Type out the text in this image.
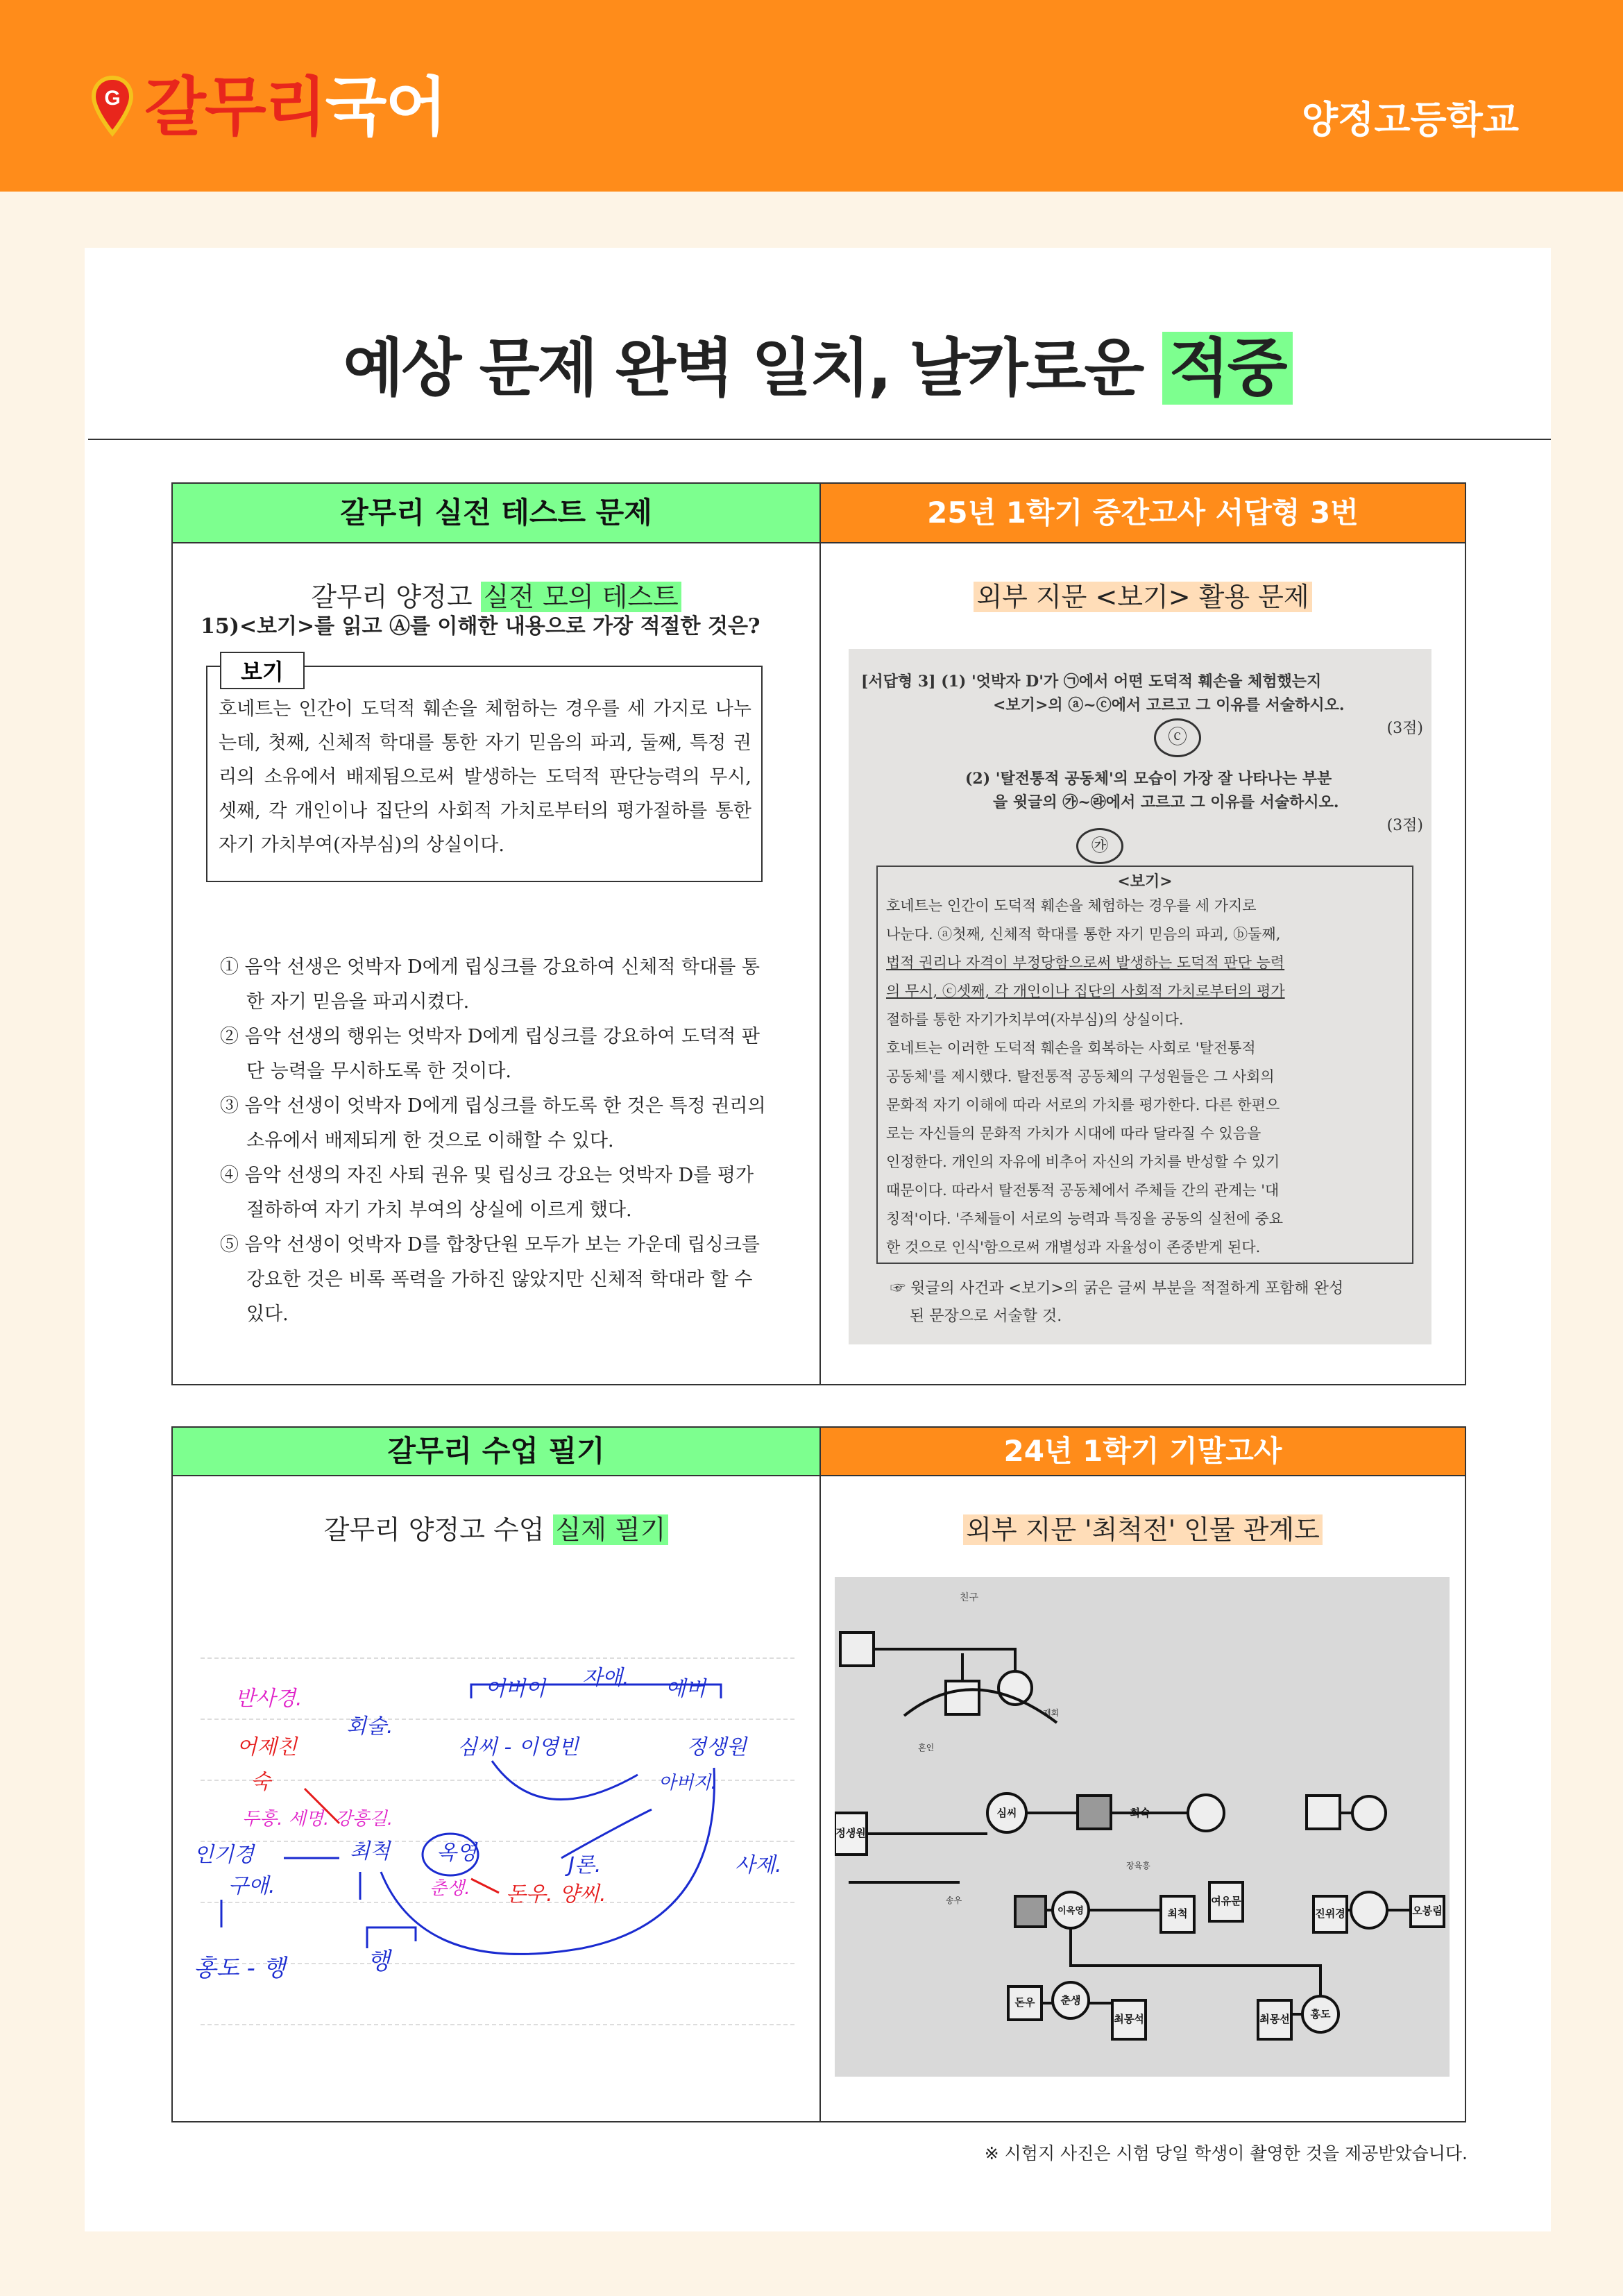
G 갈무리 국어	양정고등학교
예상 문제 완벽 일치, 날카로운 적중
갈무리 실전 테스트 문제
갈무리 양정고 실전 모의 테스트
15)<보기>를 읽고 Ⓐ를 이해한 내용으로 가장 적절한 것은?
보기
호네트는 인간이 도덕적 훼손을 체험하는 경우를 세 가지로 나누는데, 첫째, 신체적 학대를 통한 자기 믿음의 파괴, 둘째, 특정 권리의 소유에서 배제됨으로써 발생하는 도덕적 판단능력의 무시, 셋째, 각 개인이나 집단의 사회적 가치로부터의 평가절하를 통한 자기 가치부여(자부심)의 상실이다.
① 음악 선생은 엇박자 D에게 립싱크를 강요하여 신체적 학대를 통한 자기 믿음을 파괴시켰다.
② 음악 선생의 행위는 엇박자 D에게 립싱크를 강요하여 도덕적 판단 능력을 무시하도록 한 것이다.
③ 음악 선생이 엇박자 D에게 립싱크를 하도록 한 것은 특정 권리의 소유에서 배제되게 한 것으로 이해할 수 있다.
④ 음악 선생의 자진 사퇴 권유 및 립싱크 강요는 엇박자 D를 평가 절하하여 자기 가치 부여의 상실에 이르게 했다.
⑤ 음악 선생이 엇박자 D를 합창단원 모두가 보는 가운데 립싱크를 강요한 것은 비록 폭력을 가하진 않았지만 신체적 학대라 할 수 있다.
25년 1학기 중간고사 서답형 3번
외부 지문 <보기> 활용 문제
[서답형 3] (1) '엇박자 D'가 ㉠에서 어떤 도덕적 훼손을 체험했는지
<보기>의 ⓐ~ⓒ에서 고르고 그 이유를 서술하시오.
(3점)
(2) '탈전통적 공동체'의 모습이 가장 잘 나타나는 부분
을 윗글의 ㉮~㉱에서 고르고 그 이유를 서술하시오.
(3점)
ⓒ
㉮
<보기>
호네트는 인간이 도덕적 훼손을 체험하는 경우를 세 가지로
나눈다. ⓐ첫째, 신체적 학대를 통한 자기 믿음의 파괴, ⓑ둘째,
법적 권리나 자격이 부정당함으로써 발생하는 도덕적 판단 능력
의 무시, ⓒ셋째, 각 개인이나 집단의 사회적 가치로부터의 평가
절하를 통한 자기가치부여(자부심)의 상실이다.
호네트는 이러한 도덕적 훼손을 회복하는 사회로 '탈전통적
공동체'를 제시했다. 탈전통적 공동체의 구성원들은 그 사회의
문화적 자기 이해에 따라 서로의 가치를 평가한다. 다른 한편으
로는 자신들의 문화적 가치가 시대에 따라 달라질 수 있음을
인정한다. 개인의 자유에 비추어 자신의 가치를 반성할 수 있기
때문이다. 따라서 탈전통적 공동체에서 주체들 간의 관계는 '대
칭적'이다. '주체들이 서로의 능력과 특징을 공동의 실천에 중요
한 것으로 인식'함으로써 개별성과 자율성이 존중받게 된다.
☞ 윗글의 사건과 <보기>의 굵은 글씨 부분을 적절하게 포함해 완성
된 문장으로 서술할 것.
갈무리 수업 필기
갈무리 양정고 수업 실제 필기
반사경.	어버이 자애. 예버
어제친
회술.
심씨 - 이영빈	정생원
숙	아버지.
두흥. 세명. 강흥길.
인기경	최척 옥영
J론.	사제.
구애.	춘생. 돈우. 양씨.
홍도 - 행	행
24년 1학기 기말고사
외부 지문 '최척전' 인물 관계도
친구
정생원
심씨	회숙
이옥영	최척
여유문
진위경	오봉림
돈우 춘생
최몽석	최몽선 홍도
장육흥
송우
혼인
재회
※ 시험지 사진은 시험 당일 학생이 촬영한 것을 제공받았습니다.
